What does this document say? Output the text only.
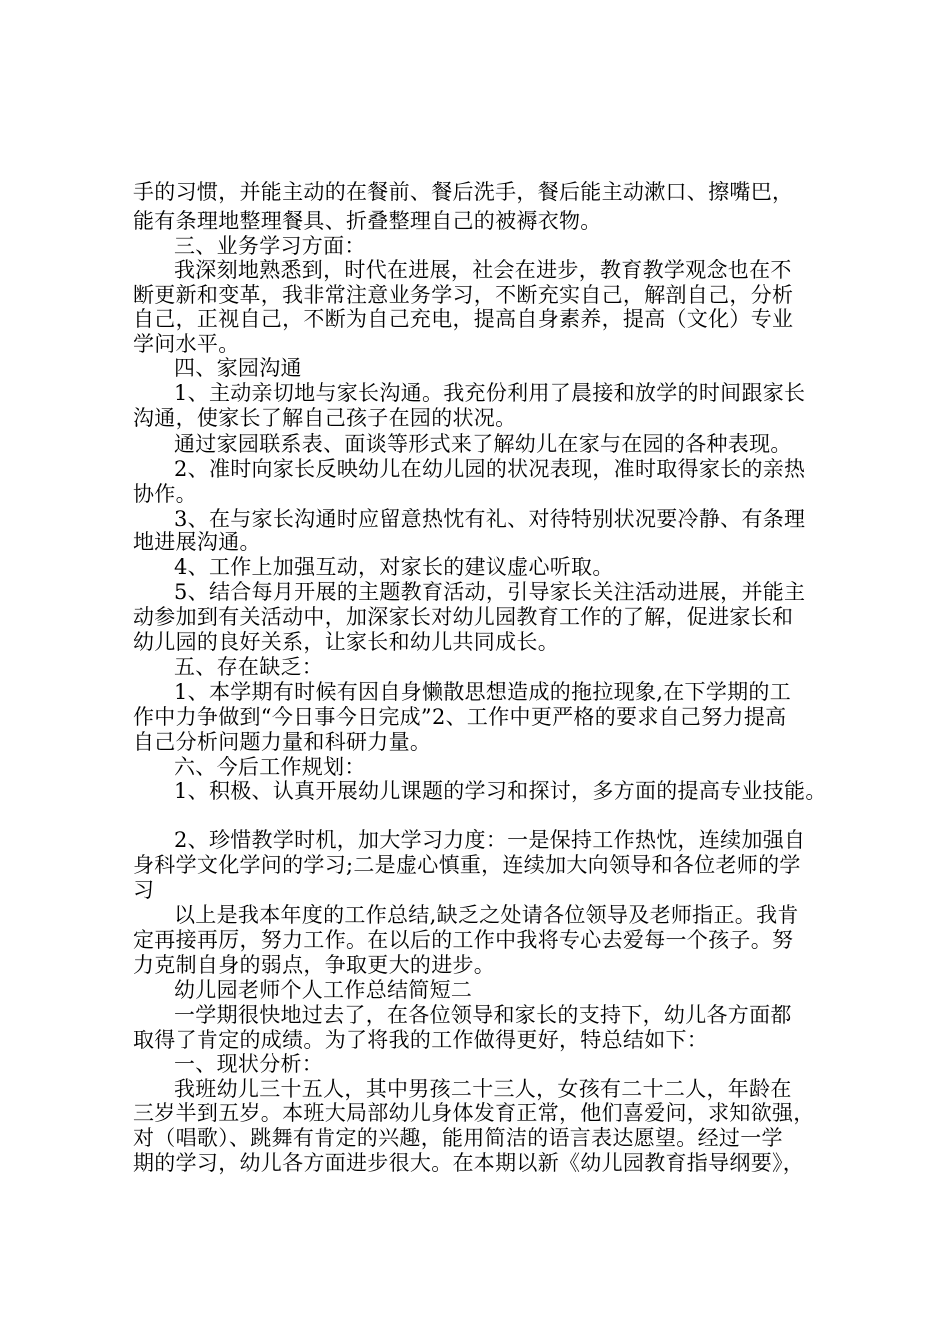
手的习惯，并能主动的在餐前、餐后洗手，餐后能主动漱口、擦嘴巴，
能有条理地整理餐具、折叠整理自己的被褥衣物。
三、业务学习方面：
我深刻地熟悉到，时代在进展，社会在进步，教育教学观念也在不
断更新和变革，我非常注意业务学习，不断充实自己，解剖自己，分析
自己，正视自己，不断为自己充电，提高自身素养，提高（文化）专业
学问水平。
四、家园沟通
1、主动亲切地与家长沟通。我充份利用了晨接和放学的时间跟家长
沟通，使家长了解自己孩子在园的状况。
通过家园联系表、面谈等形式来了解幼儿在家与在园的各种表现。
2、准时向家长反映幼儿在幼儿园的状况表现，准时取得家长的亲热
协作。
3、在与家长沟通时应留意热忱有礼、对待特别状况要冷静、有条理
地进展沟通。
4、工作上加强互动，对家长的建议虚心听取。
5、结合每月开展的主题教育活动，引导家长关注活动进展，并能主
动参加到有关活动中，加深家长对幼儿园教育工作的了解，促进家长和
幼儿园的良好关系，让家长和幼儿共同成长。
五、存在缺乏：
1、本学期有时候有因自身懒散思想造成的拖拉现象,在下学期的工
作中力争做到“今日事今日完成”2、工作中更严格的要求自己努力提高
自己分析问题力量和科研力量。
六、今后工作规划：
1、积极、认真开展幼儿课题的学习和探讨，多方面的提高专业技能。
2、珍惜教学时机，加大学习力度：一是保持工作热忱，连续加强自
身科学文化学问的学习;二是虚心慎重，连续加大向领导和各位老师的学
习
以上是我本年度的工作总结,缺乏之处请各位领导及老师指正。我肯
定再接再厉，努力工作。在以后的工作中我将专心去爱每一个孩子。努
力克制自身的弱点，争取更大的进步。
幼儿园老师个人工作总结简短二
一学期很快地过去了，在各位领导和家长的支持下，幼儿各方面都
取得了肯定的成绩。为了将我的工作做得更好，特总结如下：
一、现状分析：
我班幼儿三十五人，其中男孩二十三人，女孩有二十二人，年龄在
三岁半到五岁。本班大局部幼儿身体发育正常，他们喜爱问，求知欲强，
对（唱歌）、跳舞有肯定的兴趣，能用简洁的语言表达愿望。经过一学
期的学习，幼儿各方面进步很大。在本期以新《幼儿园教育指导纲要》，
